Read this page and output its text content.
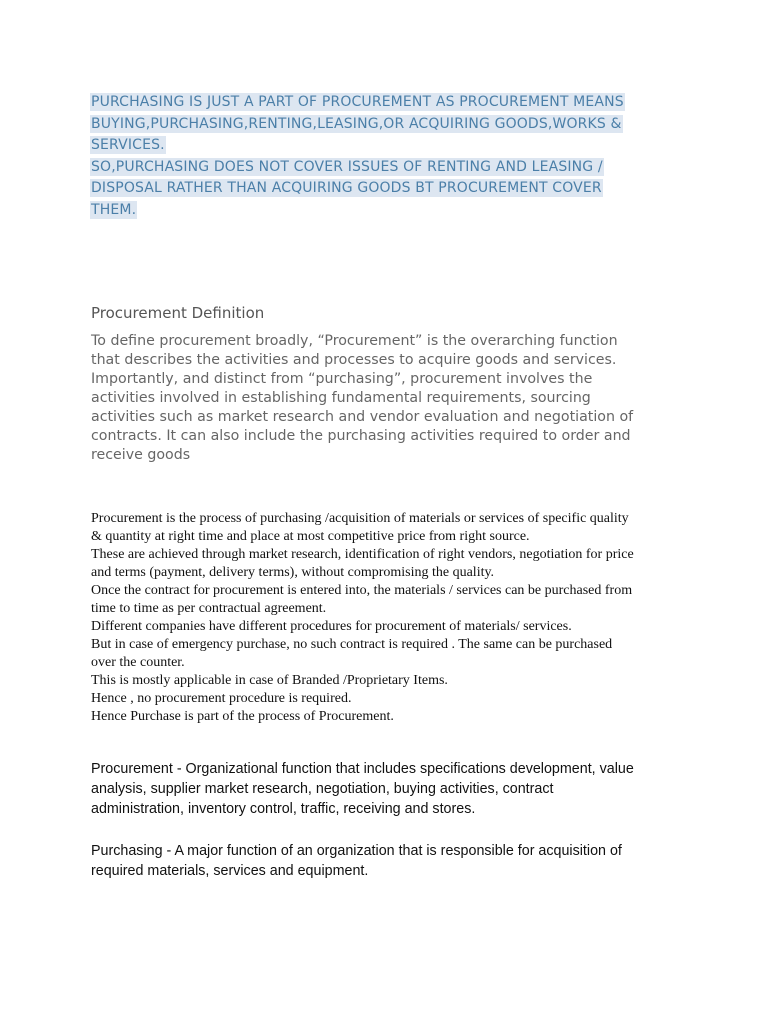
PURCHASING IS JUST A PART OF PROCUREMENT AS PROCUREMENT MEANS
BUYING,PURCHASING,RENTING,LEASING,OR ACQUIRING GOODS,WORKS &
SERVICES.
SO,PURCHASING DOES NOT COVER ISSUES OF RENTING AND LEASING /
DISPOSAL RATHER THAN ACQUIRING GOODS BT PROCUREMENT COVER
THEM.
Procurement Definition
To define procurement broadly, “Procurement” is the overarching function
that describes the activities and processes to acquire goods and services.
Importantly, and distinct from “purchasing”, procurement involves the
activities involved in establishing fundamental requirements, sourcing
activities such as market research and vendor evaluation and negotiation of
contracts. It can also include the purchasing activities required to order and
receive goods
Procurement is the process of purchasing /acquisition of materials or services of specific quality
& quantity at right time and place at most competitive price from right source.
These are achieved through market research, identification of right vendors, negotiation for price
and terms (payment, delivery terms), without compromising the quality.
Once the contract for procurement is entered into, the materials / services can be purchased from
time to time as per contractual agreement.
Different companies have different procedures for procurement of materials/ services.
But in case of emergency purchase, no such contract is required . The same can be purchased
over the counter.
This is mostly applicable in case of Branded /Proprietary Items.
Hence , no procurement procedure is required.
Hence Purchase is part of the process of Procurement.
Procurement - Organizational function that includes specifications development, value
analysis, supplier market research, negotiation, buying activities, contract
administration, inventory control, traffic, receiving and stores.
Purchasing - A major function of an organization that is responsible for acquisition of
required materials, services and equipment.
